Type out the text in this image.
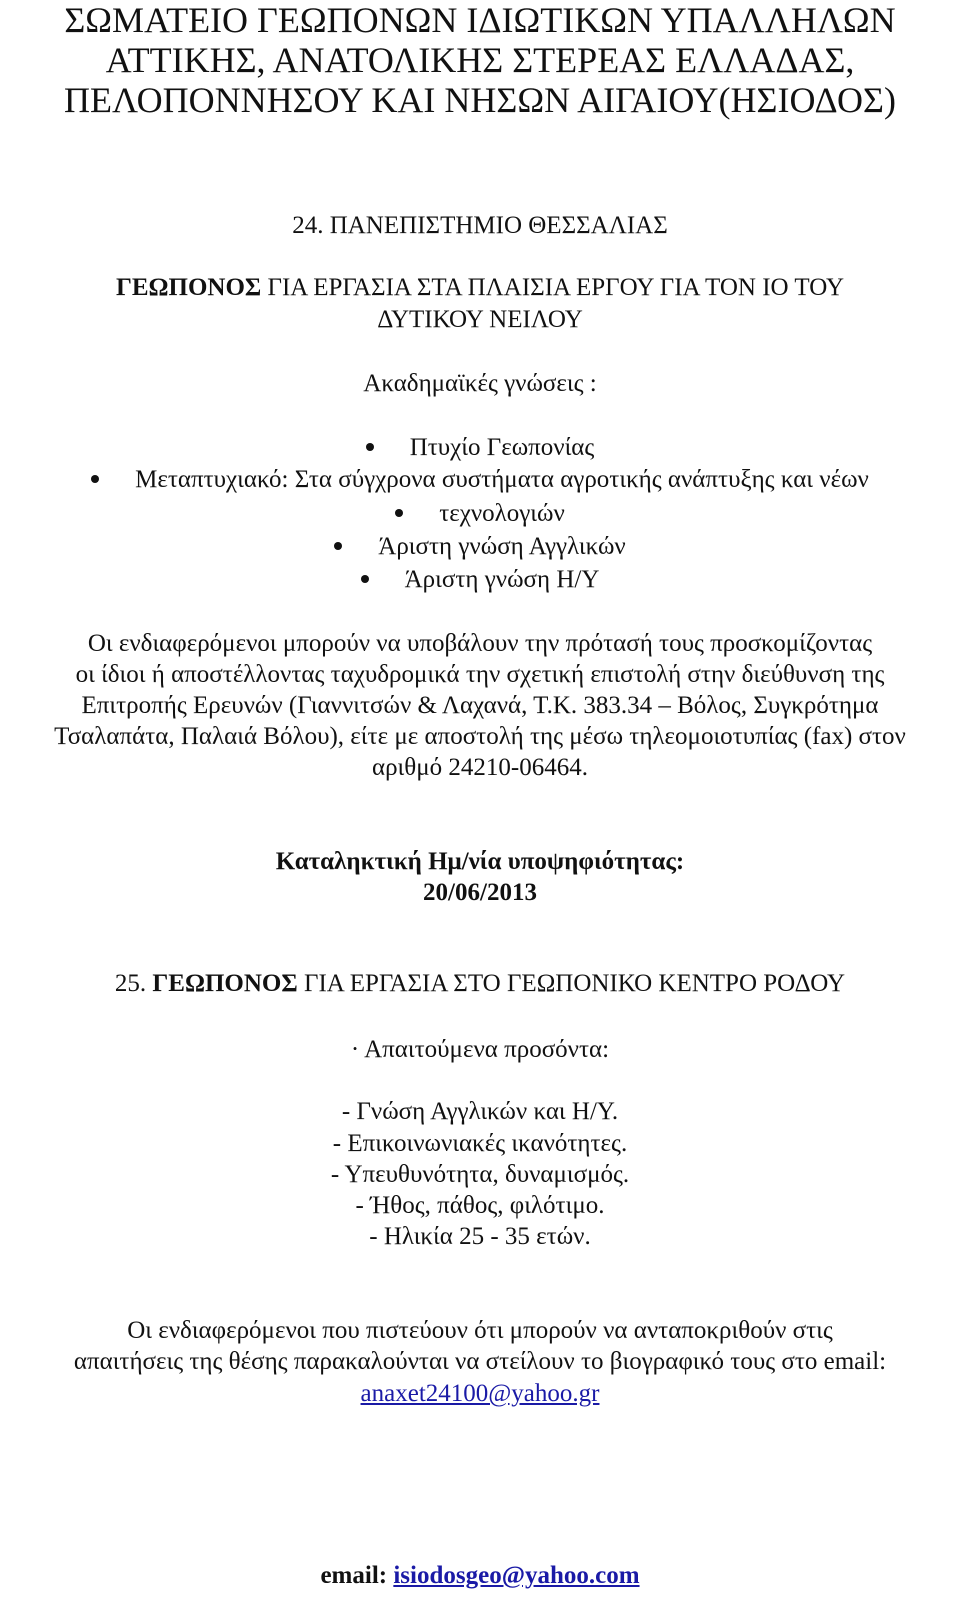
ΣΩΜΑΤΕΙΟ ΓΕΩΠΟΝΩΝ ΙΔΙΩΤΙΚΩΝ ΥΠΑΛΛΗΛΩΝ
ΑΤΤΙΚΗΣ, ΑΝΑΤΟΛΙΚΗΣ ΣΤΕΡΕΑΣ ΕΛΛΑΔΑΣ,
ΠΕΛΟΠΟΝΝΗΣΟΥ ΚΑΙ ΝΗΣΩΝ ΑΙΓΑΙΟΥ(ΗΣΙΟΔΟΣ)
24. ΠΑΝΕΠΙΣΤΗΜΙΟ ΘΕΣΣΑΛΙΑΣ
ΓΕΩΠΟΝΟΣ ΓΙΑ ΕΡΓΑΣΙΑ ΣΤΑ ΠΛΑΙΣΙΑ ΕΡΓΟΥ ΓΙΑ ΤΟΝ ΙΟ ΤΟΥ
ΔΥΤΙΚΟΥ ΝΕΙΛΟΥ
Ακαδημαϊκές γνώσεις :
Πτυχίο Γεωπονίας
Μεταπτυχιακό: Στα σύγχρονα συστήματα αγροτικής ανάπτυξης και νέων
τεχνολογιών
Άριστη γνώση Αγγλικών
Άριστη γνώση Η/Υ
Οι ενδιαφερόμενοι μπορούν να υποβάλουν την πρότασή τους προσκομίζοντας
οι ίδιοι ή αποστέλλοντας ταχυδρομικά την σχετική επιστολή στην διεύθυνση της
Επιτροπής Ερευνών (Γιαννιτσών & Λαχανά, Τ.Κ. 383.34 – Βόλος, Συγκρότημα
Τσαλαπάτα, Παλαιά Βόλου), είτε με αποστολή της μέσω τηλεομοιοτυπίας (fax) στον
αριθμό 24210-06464.
Καταληκτική Ημ/νία υποψηφιότητας:
20/06/2013
25. ΓΕΩΠΟΝΟΣ ΓΙΑ ΕΡΓΑΣΙΑ ΣΤΟ ΓΕΩΠΟΝΙΚΟ ΚΕΝΤΡΟ ΡΟΔΟΥ
· Απαιτούμενα προσόντα:
- Γνώση Αγγλικών και Η/Υ.
- Επικοινωνιακές ικανότητες.
- Υπευθυνότητα, δυναμισμός.
- Ήθος, πάθος, φιλότιμο.
- Ηλικία 25 - 35 ετών.
Οι ενδιαφερόμενοι που πιστεύουν ότι μπορούν να ανταποκριθούν στις
απαιτήσεις της θέσης παρακαλούνται να στείλουν το βιογραφικό τους στο email:
anaxet24100@yahoo.gr
email: isiodosgeo@yahoo.com
